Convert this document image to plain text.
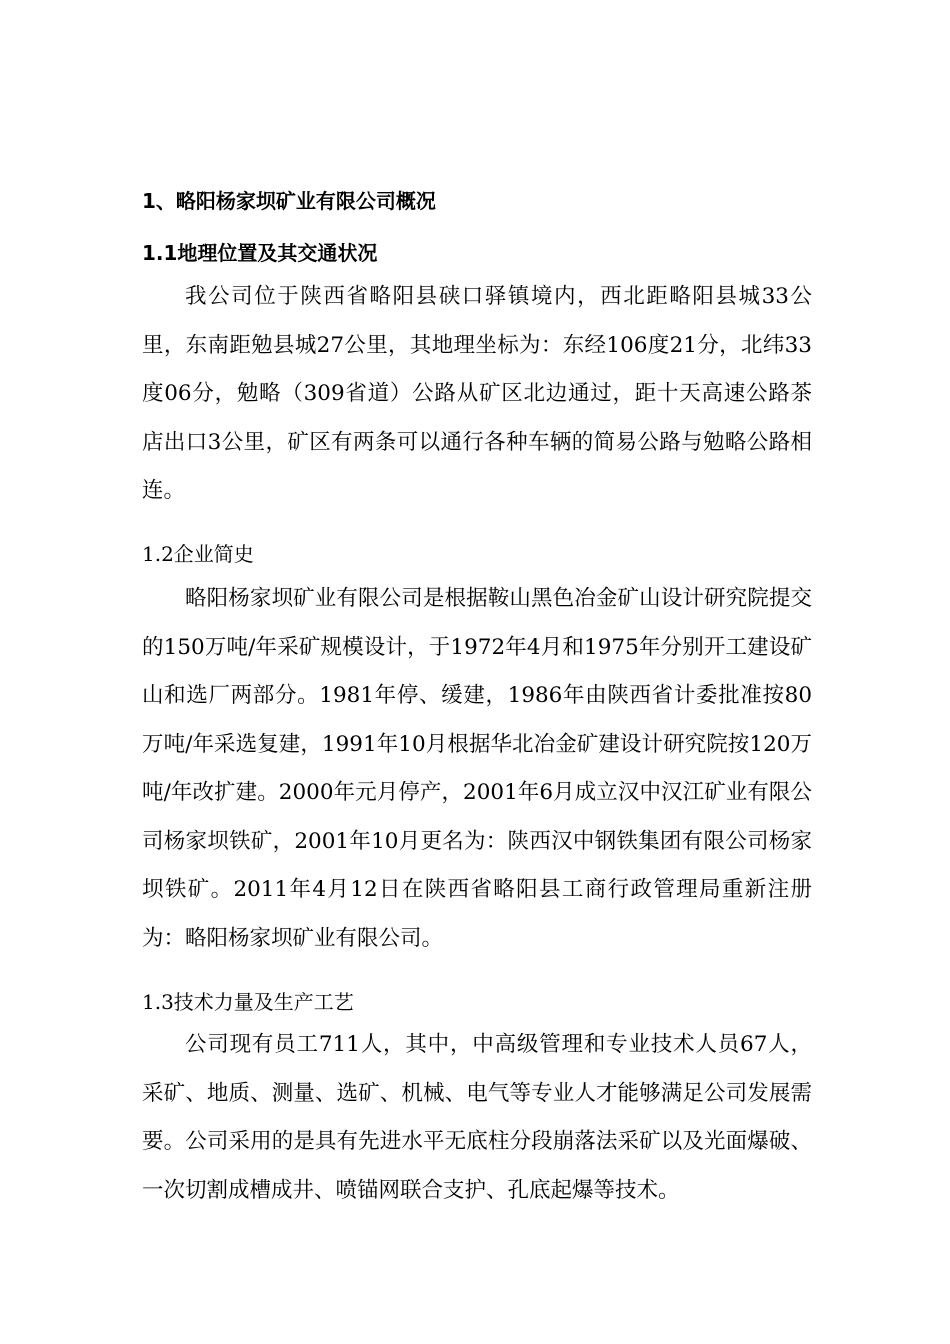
1、略阳杨家坝矿业有限公司概况
1.1地理位置及其交通状况

我公司位于陕西省略阳县硖口驿镇境内，西北距略阳县城33公里，东南距勉县城27公里，其地理坐标为：东经106度21分，北纬33度06分，勉略（309省道）公路从矿区北边通过，距十天高速公路茶店出口3公里，矿区有两条可以通行各种车辆的简易公路与勉略公路相连。

1.2企业简史

略阳杨家坝矿业有限公司是根据鞍山黑色冶金矿山设计研究院提交的150万吨/年采矿规模设计，于1972年4月和1975年分别开工建设矿山和选厂两部分。1981年停、缓建，1986年由陕西省计委批准按80万吨/年采选复建，1991年10月根据华北冶金矿建设计研究院按120万吨/年改扩建。2000年元月停产，2001年6月成立汉中汉江矿业有限公司杨家坝铁矿，2001年10月更名为：陕西汉中钢铁集团有限公司杨家坝铁矿。2011年4月12日在陕西省略阳县工商行政管理局重新注册为：略阳杨家坝矿业有限公司。

1.3技术力量及生产工艺

公司现有员工711人，其中，中高级管理和专业技术人员67人，采矿、地质、测量、选矿、机械、电气等专业人才能够满足公司发展需要。公司采用的是具有先进水平无底柱分段崩落法采矿以及光面爆破、一次切割成槽成井、喷锚网联合支护、孔底起爆等技术。
